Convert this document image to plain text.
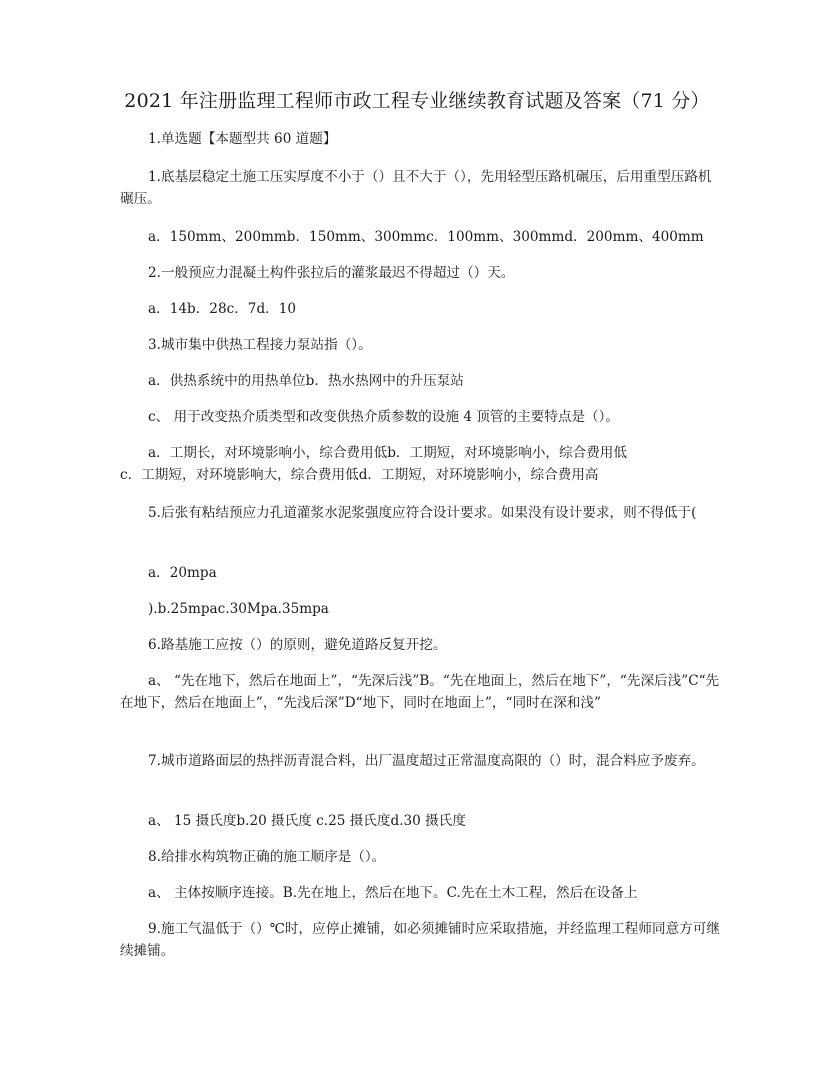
2021 年注册监理工程师市政工程专业继续教育试题及答案（71 分）
1.单选题【本题型共 60 道题】
1.底基层稳定土施工压实厚度不小于（）且不大于（），先用轻型压路机碾压，后用重型压路机碾压。
a．150mm、200mmb．150mm、300mmc．100mm、300mmd．200mm、400mm
2.一般预应力混凝土构件张拉后的灌浆最迟不得超过（）天。
a．14b．28c．7d．10
3.城市集中供热工程接力泵站指（）。
a．供热系统中的用热单位b．热水热网中的升压泵站
c、 用于改变热介质类型和改变供热介质参数的设施 4 顶管的主要特点是（）。
a．工期长，对环境影响小，综合费用低b．工期短，对环境影响小，综合费用低
c．工期短，对环境影响大，综合费用低d．工期短，对环境影响小，综合费用高
5.后张有粘结预应力孔道灌浆水泥浆强度应符合设计要求。如果没有设计要求，则不得低于(
a．20mpa
).b.25mpac.30Mpa.35mpa
6.路基施工应按（）的原则，避免道路反复开挖。
a、 “先在地下，然后在地面上”，“先深后浅”B。“先在地面上，然后在地下”，“先深后浅”C“先在地下，然后在地面上”，“先浅后深”D“地下，同时在地面上”，“同时在深和浅”
7.城市道路面层的热拌沥青混合料，出厂温度超过正常温度高限的（）时，混合料应予废弃。
a、 15 摄氏度b.20 摄氏度 c.25 摄氏度d.30 摄氏度
8.给排水构筑物正确的施工顺序是（）。
a、 主体按顺序连接。B.先在地上，然后在地下。C.先在土木工程，然后在设备上
9.施工气温低于（）℃时，应停止摊铺，如必须摊铺时应采取措施，并经监理工程师同意方可继续摊铺。
